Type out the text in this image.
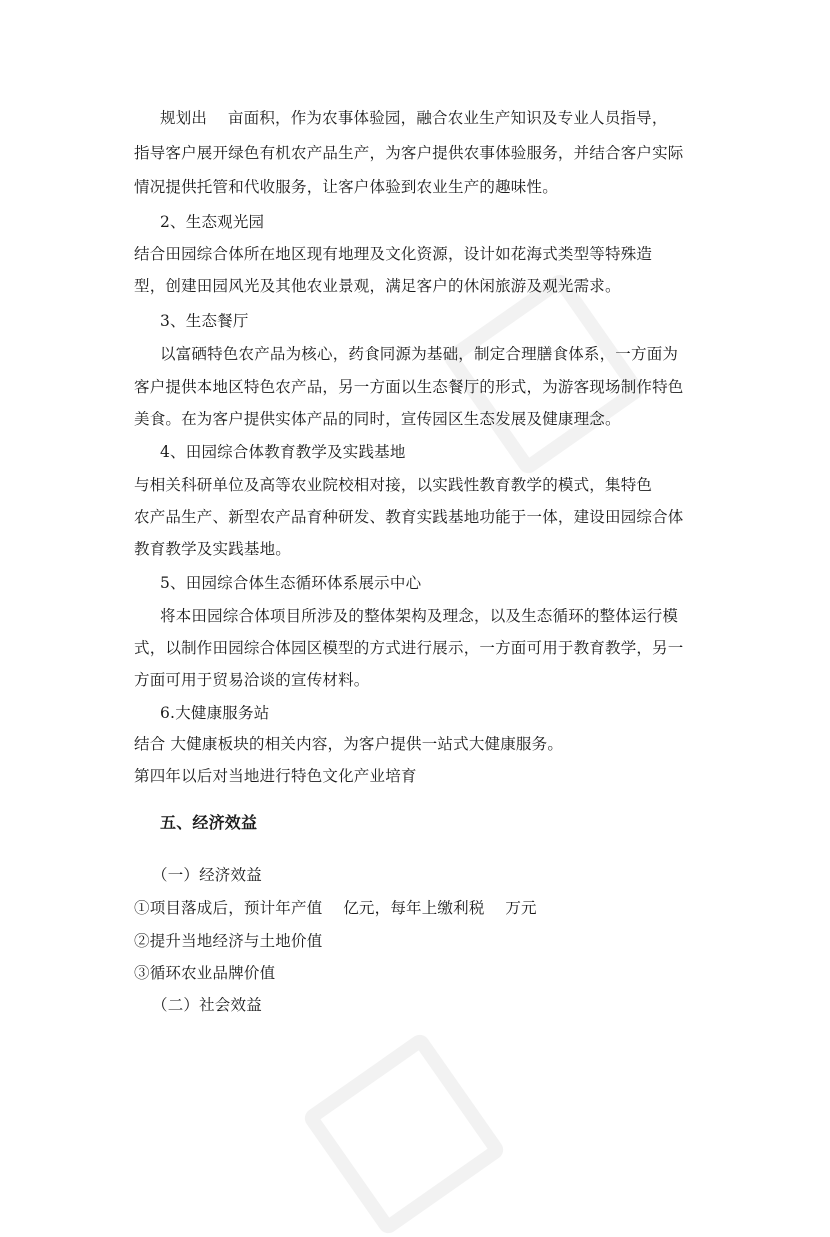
规划出　 亩面积，作为农事体验园，融合农业生产知识及专业人员指导，
指导客户展开绿色有机农产品生产，为客户提供农事体验服务，并结合客户实际
情况提供托管和代收服务，让客户体验到农业生产的趣味性。
2、生态观光园
结合田园综合体所在地区现有地理及文化资源，设计如花海式类型等特殊造
型，创建田园风光及其他农业景观，满足客户的休闲旅游及观光需求。
3、生态餐厅
以富硒特色农产品为核心，药食同源为基础，制定合理膳食体系，一方面为
客户提供本地区特色农产品，另一方面以生态餐厅的形式，为游客现场制作特色
美食。在为客户提供实体产品的同时，宣传园区生态发展及健康理念。
4、田园综合体教育教学及实践基地
与相关科研单位及高等农业院校相对接，以实践性教育教学的模式，集特色
农产品生产、新型农产品育种研发、教育实践基地功能于一体，建设田园综合体
教育教学及实践基地。
5、田园综合体生态循环体系展示中心
将本田园综合体项目所涉及的整体架构及理念，以及生态循环的整体运行模
式，以制作田园综合体园区模型的方式进行展示，一方面可用于教育教学，另一
方面可用于贸易洽谈的宣传材料。
6.大健康服务站
结合 大健康板块的相关内容，为客户提供一站式大健康服务。
第四年以后对当地进行特色文化产业培育
五、经济效益
（一）经济效益
①项目落成后，预计年产值　 亿元，每年上缴利税　 万元
②提升当地经济与土地价值
③循环农业品牌价值
（二）社会效益
